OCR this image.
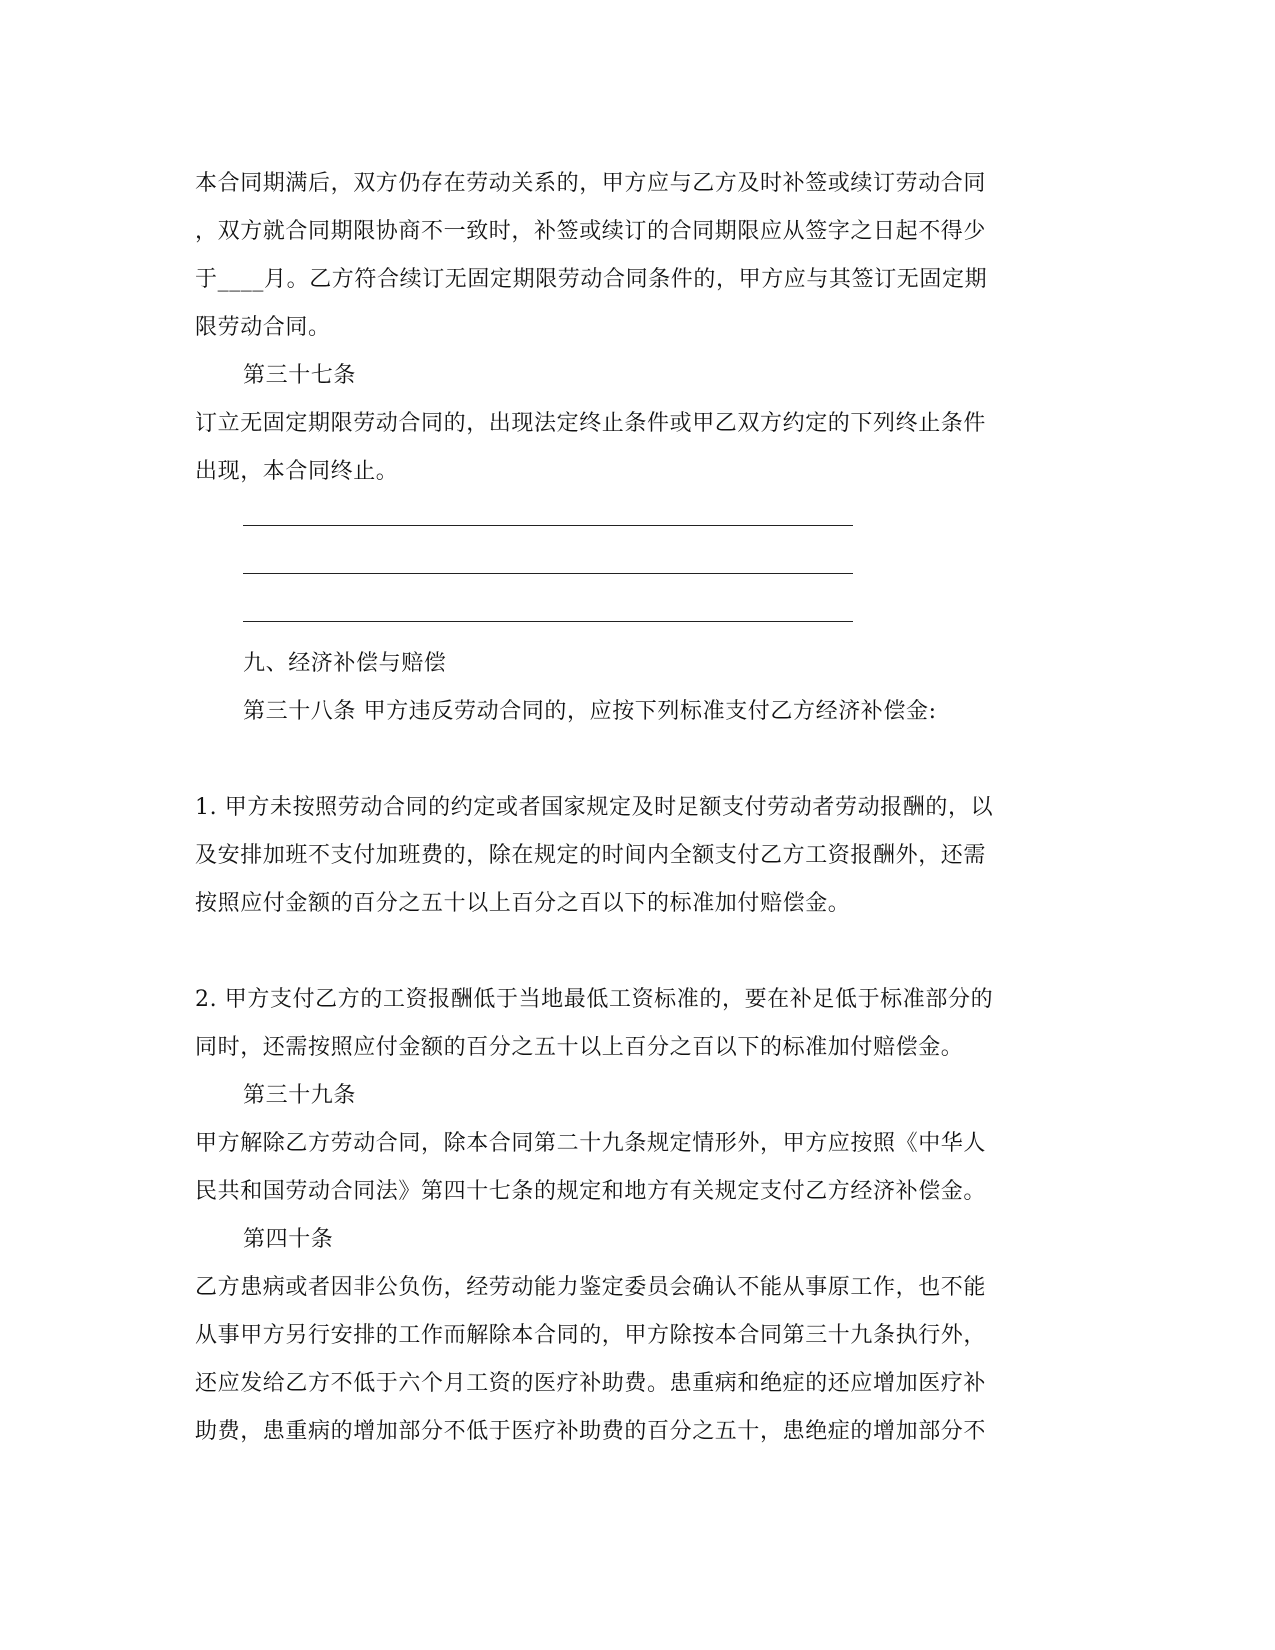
本合同期满后，双方仍存在劳动关系的，甲方应与乙方及时补签或续订劳动合同
，双方就合同期限协商不一致时，补签或续订的合同期限应从签字之日起不得少
于____月。乙方符合续订无固定期限劳动合同条件的，甲方应与其签订无固定期
限劳动合同。
第三十七条
订立无固定期限劳动合同的，出现法定终止条件或甲乙双方约定的下列终止条件
出现，本合同终止。
九、经济补偿与赔偿
第三十八条 甲方违反劳动合同的，应按下列标准支付乙方经济补偿金:
1. 甲方未按照劳动合同的约定或者国家规定及时足额支付劳动者劳动报酬的，以
及安排加班不支付加班费的，除在规定的时间内全额支付乙方工资报酬外，还需
按照应付金额的百分之五十以上百分之百以下的标准加付赔偿金。
2. 甲方支付乙方的工资报酬低于当地最低工资标准的，要在补足低于标准部分的
同时，还需按照应付金额的百分之五十以上百分之百以下的标准加付赔偿金。
第三十九条
甲方解除乙方劳动合同，除本合同第二十九条规定情形外，甲方应按照《中华人
民共和国劳动合同法》第四十七条的规定和地方有关规定支付乙方经济补偿金。
第四十条
乙方患病或者因非公负伤，经劳动能力鉴定委员会确认不能从事原工作，也不能
从事甲方另行安排的工作而解除本合同的，甲方除按本合同第三十九条执行外，
还应发给乙方不低于六个月工资的医疗补助费。患重病和绝症的还应增加医疗补
助费，患重病的增加部分不低于医疗补助费的百分之五十，患绝症的增加部分不
